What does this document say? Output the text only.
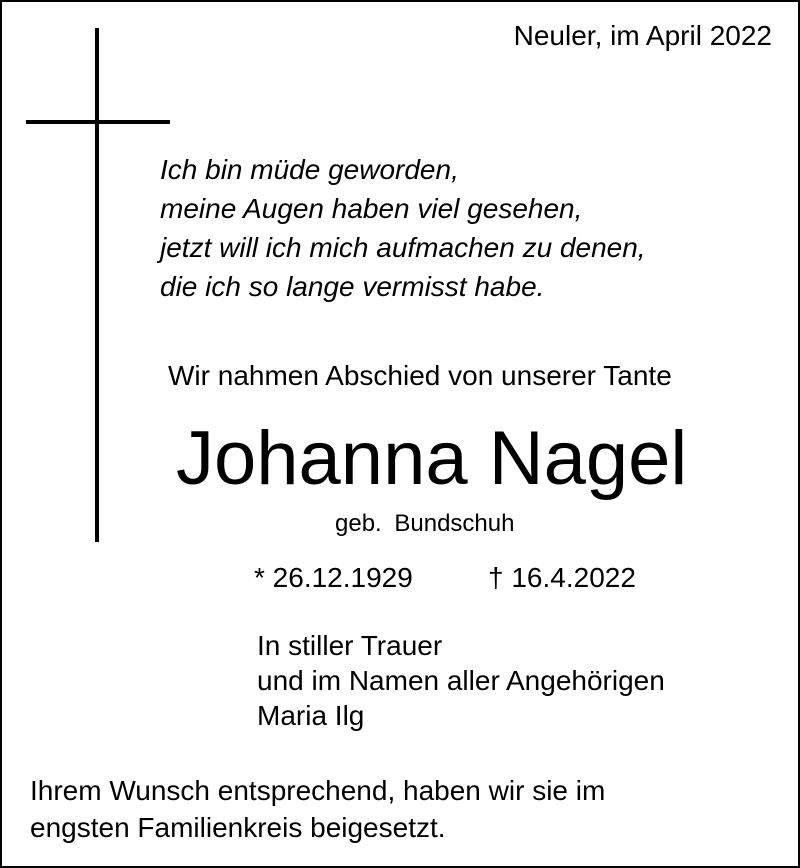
Neuler, im April 2022
Ich bin müde geworden,
meine Augen haben viel gesehen,
jetzt will ich mich aufmachen zu denen,
die ich so lange vermisst habe.
Wir nahmen Abschied von unserer Tante
Johanna Nagel
geb. Bundschuh
* 26.12.1929	† 16.4.2022
In stiller Trauer
und im Namen aller Angehörigen
Maria Ilg
Ihrem Wunsch entsprechend, haben wir sie im
engsten Familienkreis beigesetzt.
